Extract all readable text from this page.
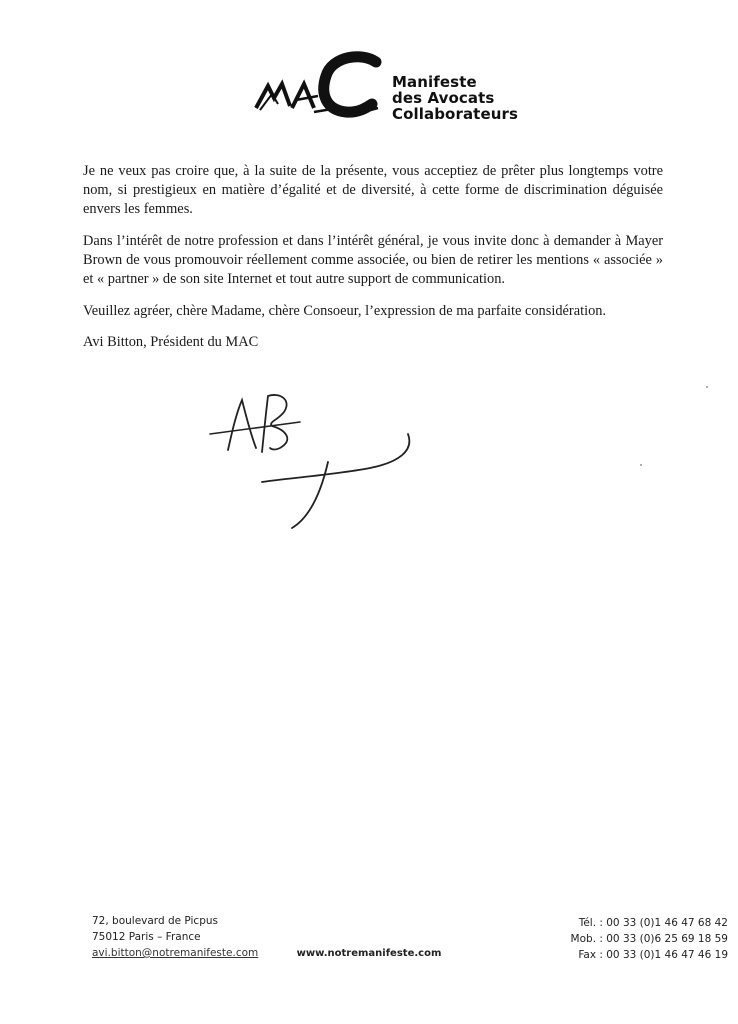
Manifeste
des Avocats
Collaborateurs

Je ne veux pas croire que, à la suite de la présente, vous acceptiez de prêter plus longtemps votre nom, si prestigieux en matière d’égalité et de diversité, à cette forme de discrimination déguisée envers les femmes.

Dans l’intérêt de notre profession et dans l’intérêt général, je vous invite donc à demander à Mayer Brown de vous promouvoir réellement comme associée, ou bien de retirer les mentions « associée » et « partner » de son site Internet et tout autre support de communication.

Veuillez agréer, chère Madame, chère Consoeur, l’expression de ma parfaite considération.

Avi Bitton, Président du MAC

72, boulevard de Picpus
75012 Paris – France
avi.bitton@notremanifeste.com
Tél. : 00 33 (0)1 46 47 68 42
Mob. : 00 33 (0)6 25 69 18 59
Fax : 00 33 (0)1 46 47 46 19
www.notremanifeste.com
